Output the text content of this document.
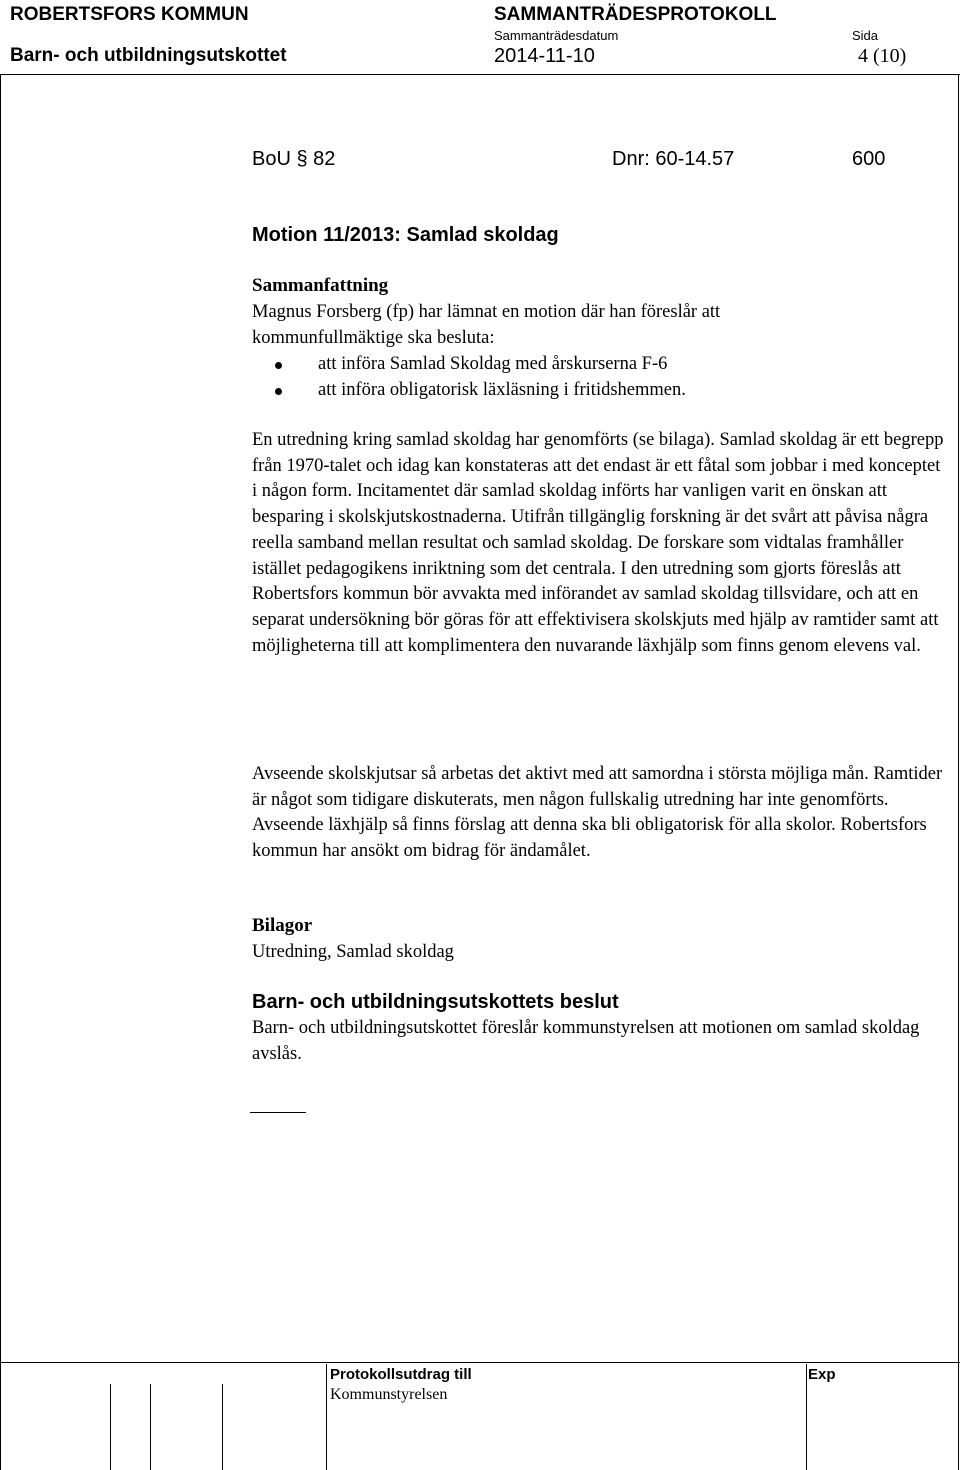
ROBERTSFORS KOMMUN	SAMMANTRÄDESPROTOKOLL
Sammanträdesdatum	Sida
Barn- och utbildningsutskottet	2014-11-10	4 (10)
BoU § 82	Dnr: 60-14.57	600
Motion 11/2013: Samlad skoldag
Sammanfattning
Magnus Forsberg (fp) har lämnat en motion där han föreslår att kommunfullmäktige ska besluta:
att införa Samlad Skoldag med årskurserna F-6
att införa obligatorisk läxläsning i fritidshemmen.
En utredning kring samlad skoldag har genomförts (se bilaga). Samlad skoldag är ett begrepp från 1970-talet och idag kan konstateras att det endast är ett fåtal som jobbar i med konceptet i någon form. Incitamentet där samlad skoldag införts har vanligen varit en önskan att besparing i skolskjutskostnaderna. Utifrån tillgänglig forskning är det svårt att påvisa några reella samband mellan resultat och samlad skoldag. De forskare som vidtalas framhåller istället pedagogikens inriktning som det centrala. I den utredning som gjorts föreslås att Robertsfors kommun bör avvakta med införandet av samlad skoldag tillsvidare, och att en separat undersökning bör göras för att effektivisera skolskjuts med hjälp av ramtider samt att möjligheterna till att komplimentera den nuvarande läxhjälp som finns genom elevens val.
Avseende skolskjutsar så arbetas det aktivt med att samordna i största möjliga mån. Ramtider är något som tidigare diskuterats, men någon fullskalig utredning har inte genomförts. Avseende läxhjälp så finns förslag att denna ska bli obligatorisk för alla skolor. Robertsfors kommun har ansökt om bidrag för ändamålet.
Bilagor
Utredning, Samlad skoldag
Barn- och utbildningsutskottets beslut
Barn- och utbildningsutskottet föreslår kommunstyrelsen att motionen om samlad skoldag avslås.
Protokollsutdrag till
Kommunstyrelsen
Exp
